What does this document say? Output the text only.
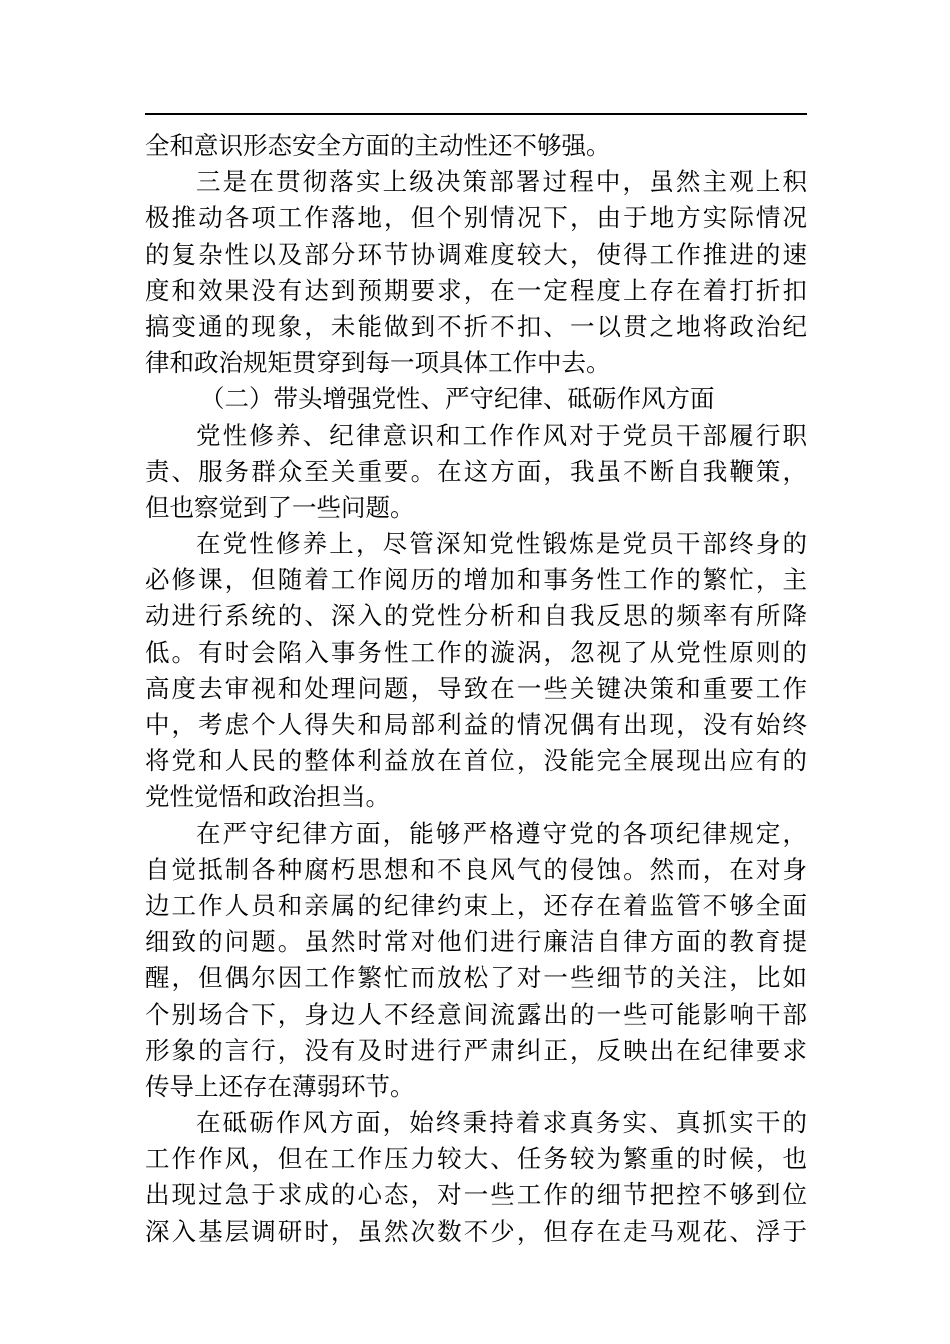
全和意识形态安全方面的主动性还不够强。
三是在贯彻落实上级决策部署过程中，虽然主观上积
极推动各项工作落地，但个别情况下，由于地方实际情况
的复杂性以及部分环节协调难度较大，使得工作推进的速
度和效果没有达到预期要求，在一定程度上存在着打折扣
搞变通的现象，未能做到不折不扣、一以贯之地将政治纪
律和政治规矩贯穿到每一项具体工作中去。
（二）带头增强党性、严守纪律、砥砺作风方面
党性修养、纪律意识和工作作风对于党员干部履行职
责、服务群众至关重要。在这方面，我虽不断自我鞭策，
但也察觉到了一些问题。
在党性修养上，尽管深知党性锻炼是党员干部终身的
必修课，但随着工作阅历的增加和事务性工作的繁忙，主
动进行系统的、深入的党性分析和自我反思的频率有所降
低。有时会陷入事务性工作的漩涡，忽视了从党性原则的
高度去审视和处理问题，导致在一些关键决策和重要工作
中，考虑个人得失和局部利益的情况偶有出现，没有始终
将党和人民的整体利益放在首位，没能完全展现出应有的
党性觉悟和政治担当。
在严守纪律方面，能够严格遵守党的各项纪律规定，
自觉抵制各种腐朽思想和不良风气的侵蚀。然而，在对身
边工作人员和亲属的纪律约束上，还存在着监管不够全面
细致的问题。虽然时常对他们进行廉洁自律方面的教育提
醒，但偶尔因工作繁忙而放松了对一些细节的关注，比如
个别场合下，身边人不经意间流露出的一些可能影响干部
形象的言行，没有及时进行严肃纠正，反映出在纪律要求
传导上还存在薄弱环节。
在砥砺作风方面，始终秉持着求真务实、真抓实干的
工作作风，但在工作压力较大、任务较为繁重的时候，也
出现过急于求成的心态，对一些工作的细节把控不够到位
深入基层调研时，虽然次数不少，但存在走马观花、浮于
